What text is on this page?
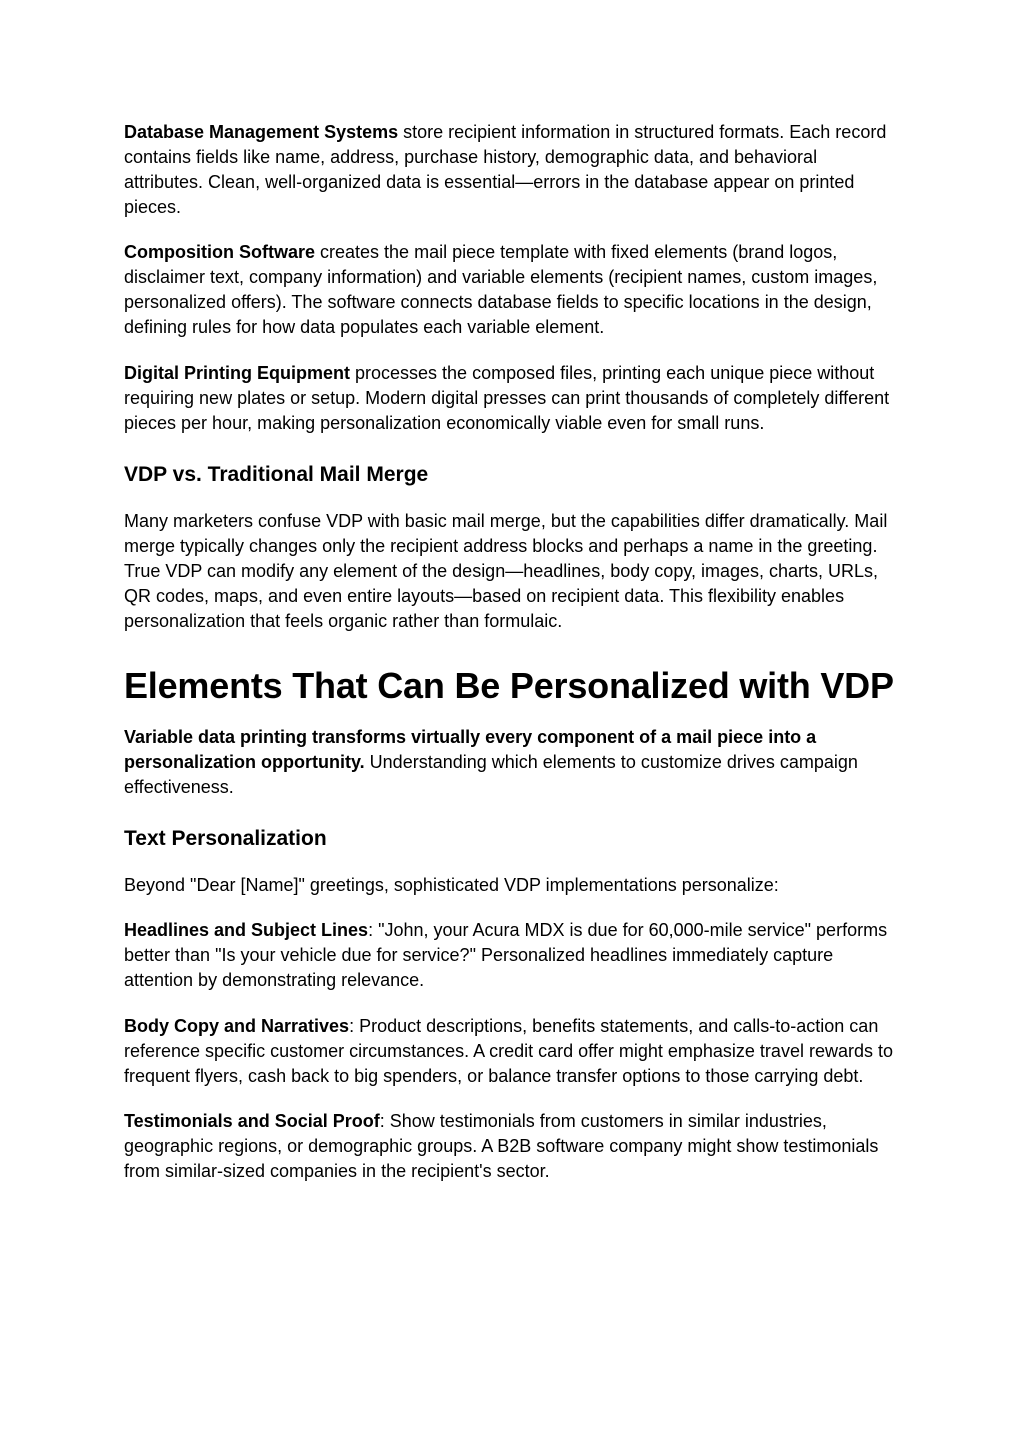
Database Management Systems store recipient information in structured formats. Each record contains fields like name, address, purchase history, demographic data, and behavioral attributes. Clean, well-organized data is essential—errors in the database appear on printed pieces.

Composition Software creates the mail piece template with fixed elements (brand logos, disclaimer text, company information) and variable elements (recipient names, custom images, personalized offers). The software connects database fields to specific locations in the design, defining rules for how data populates each variable element.

Digital Printing Equipment processes the composed files, printing each unique piece without requiring new plates or setup. Modern digital presses can print thousands of completely different pieces per hour, making personalization economically viable even for small runs.

VDP vs. Traditional Mail Merge

Many marketers confuse VDP with basic mail merge, but the capabilities differ dramatically. Mail merge typically changes only the recipient address blocks and perhaps a name in the greeting. True VDP can modify any element of the design—headlines, body copy, images, charts, URLs, QR codes, maps, and even entire layouts—based on recipient data. This flexibility enables personalization that feels organic rather than formulaic.

Elements That Can Be Personalized with VDP

Variable data printing transforms virtually every component of a mail piece into a personalization opportunity. Understanding which elements to customize drives campaign effectiveness.

Text Personalization

Beyond "Dear [Name]" greetings, sophisticated VDP implementations personalize:

Headlines and Subject Lines: "John, your Acura MDX is due for 60,000-mile service" performs better than "Is your vehicle due for service?" Personalized headlines immediately capture attention by demonstrating relevance.

Body Copy and Narratives: Product descriptions, benefits statements, and calls-to-action can reference specific customer circumstances. A credit card offer might emphasize travel rewards to frequent flyers, cash back to big spenders, or balance transfer options to those carrying debt.

Testimonials and Social Proof: Show testimonials from customers in similar industries, geographic regions, or demographic groups. A B2B software company might show testimonials from similar-sized companies in the recipient's sector.
